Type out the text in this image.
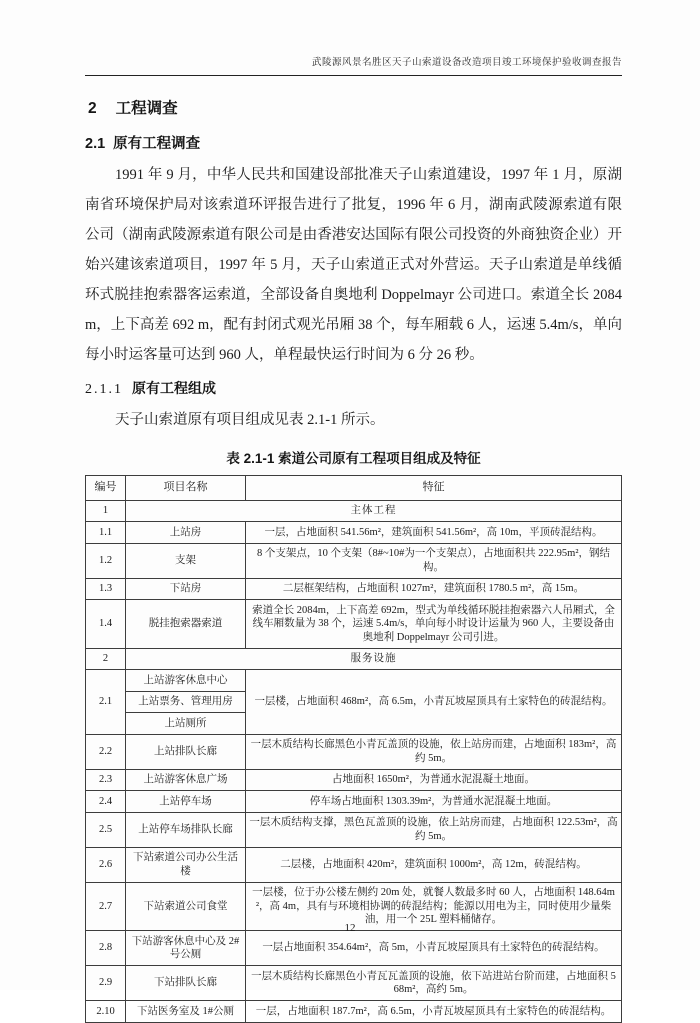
武陵源风景名胜区天子山索道设备改造项目竣工环境保护验收调查报告
2 工程调查
2.1 原有工程调查

1991 年 9 月，中华人民共和国建设部批准天子山索道建设，1997 年 1 月，原湖南省环境保护局对该索道环评报告进行了批复，1996 年 6 月，湖南武陵源索道有限公司（湖南武陵源索道有限公司是由香港安达国际有限公司投资的外商独资企业）开始兴建该索道项目，1997 年 5 月，天子山索道正式对外营运。天子山索道是单线循环式脱挂抱索器客运索道，全部设备自奥地利 Doppelmayr 公司进口。索道全长 2084 m，上下高差 692 m，配有封闭式观光吊厢 38 个，每车厢载 6 人，运速 5.4m/s，单向每小时运客量可达到 960 人，单程最快运行时间为 6 分 26 秒。

2.1.1 原有工程组成

天子山索道原有项目组成见表 2.1-1 所示。

表 2.1-1 索道公司原有工程项目组成及特征
编号	项目名称	特征
1	主体工程	
1.1	上站房	一层，占地面积 541.56m²，建筑面积 541.56m²，高 10m，平顶砖混结构。
1.2	支架	8 个支架点，10 个支架（8#~10#为一个支架点），占地面积共 222.95m²，钢结构。
1.3	下站房	二层框架结构，占地面积 1027m²，建筑面积 1780.5 m²，高 15m。
1.4	脱挂抱索器索道	索道全长 2084m，上下高差 692m，型式为单线循环脱挂抱索器六人吊厢式，全线车厢数量为 38 个，运速 5.4m/s，单向每小时设计运量为 960 人，主要设备由奥地利 Doppelmayr 公司引进。
2	服务设施	
2.1	上站游客休息中心	一层楼，占地面积 468m²，高 6.5m，小青瓦坡屋顶具有土家特色的砖混结构。
	上站票务、管理用房	
	上站厕所	
2.2	上站排队长廊	一层木质结构长廊黑色小青瓦盖顶的设施，依上站房而建，占地面积 183m²，高约 5m。
2.3	上站游客休息广场	占地面积 1650m²，为普通水泥混凝土地面。
2.4	上站停车场	停车场占地面积 1303.39m²，为普通水泥混凝土地面。
2.5	上站停车场排队长廊	一层木质结构支撑，黑色瓦盖顶的设施，依上站房而建，占地面积 122.53m²，高约 5m。
2.6	下站索道公司办公生活楼	二层楼，占地面积 420m²，建筑面积 1000m²，高 12m，砖混结构。
2.7	下站索道公司食堂	一层楼，位于办公楼左侧约 20m 处，就餐人数最多时 60 人，占地面积 148.64m²，高 4m，具有与环境相协调的砖混结构；能源以用电为主，同时使用少量柴油，用一个 25L 塑料桶储存。
2.8	下站游客休息中心及 2#号公厕	一层占地面积 354.64m²，高 5m，小青瓦坡屋顶具有土家特色的砖混结构。
2.9	下站排队长廊	一层木质结构长廊黑色小青瓦瓦盖顶的设施，依下站进站台阶而建，占地面积 568m²，高约 5m。
2.10	下站医务室及 1#公厕	一层，占地面积 187.7m²，高 6.5m，小青瓦坡屋顶具有土家特色的砖混结构。
12
